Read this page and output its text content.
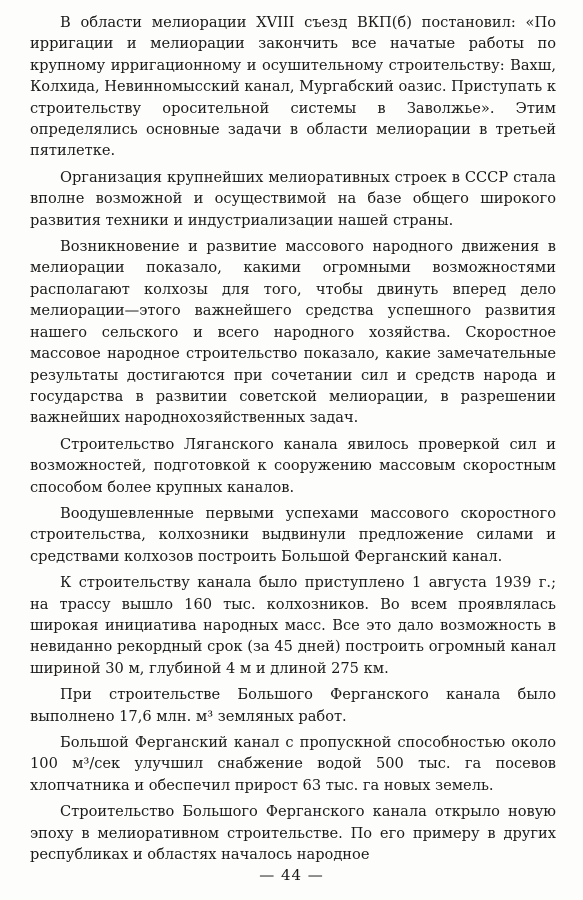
В области мелиорации XVIII съезд ВКП(б) постановил: «По ирригации и мелиорации закончить все начатые работы по крупному ирригационному и осушительному строительству: Вахш, Колхида, Невинномысский канал, Мургабский оазис. Приступать к строительству оросительной системы в Заволжье». Этим определялись основные задачи в области мелиорации в третьей пятилетке.

Организация крупнейших мелиоративных строек в СССР стала вполне возможной и осуществимой на базе общего широкого развития техники и индустриализации нашей страны.

Возникновение и развитие массового народного движения в мелиорации показало, какими огромными возможностями располагают колхозы для того, чтобы двинуть вперед дело мелиорации—этого важнейшего средства успешного развития нашего сельского и всего народного хозяйства. Скоростное массовое народное строительство показало, какие замечательные результаты достигаются при сочетании сил и средств народа и государства в развитии советской мелиорации, в разрешении важнейших народнохозяйственных задач.

Строительство Ляганского канала явилось проверкой сил и возможностей, подготовкой к сооружению массовым скоростным способом более крупных каналов.

Воодушевленные первыми успехами массового скоростного строительства, колхозники выдвинули предложение силами и средствами колхозов построить Большой Ферганский канал.

К строительству канала было приступлено 1 августа 1939 г.; на трассу вышло 160 тыс. колхозников. Во всем проявлялась широкая инициатива народных масс. Все это дало возможность в невиданно рекордный срок (за 45 дней) построить огромный канал шириной 30 м, глубиной 4 м и длиной 275 км.

При строительстве Большого Ферганского канала было выполнено 17,6 млн. м³ земляных работ.

Большой Ферганский канал с пропускной способностью около 100 м³/сек улучшил снабжение водой 500 тыс. га посевов хлопчатника и обеспечил прирост 63 тыс. га новых земель.

Строительство Большого Ферганского канала открыло новую эпоху в мелиоративном строительстве. По его примеру в других республиках и областях началось народное

— 44 —
